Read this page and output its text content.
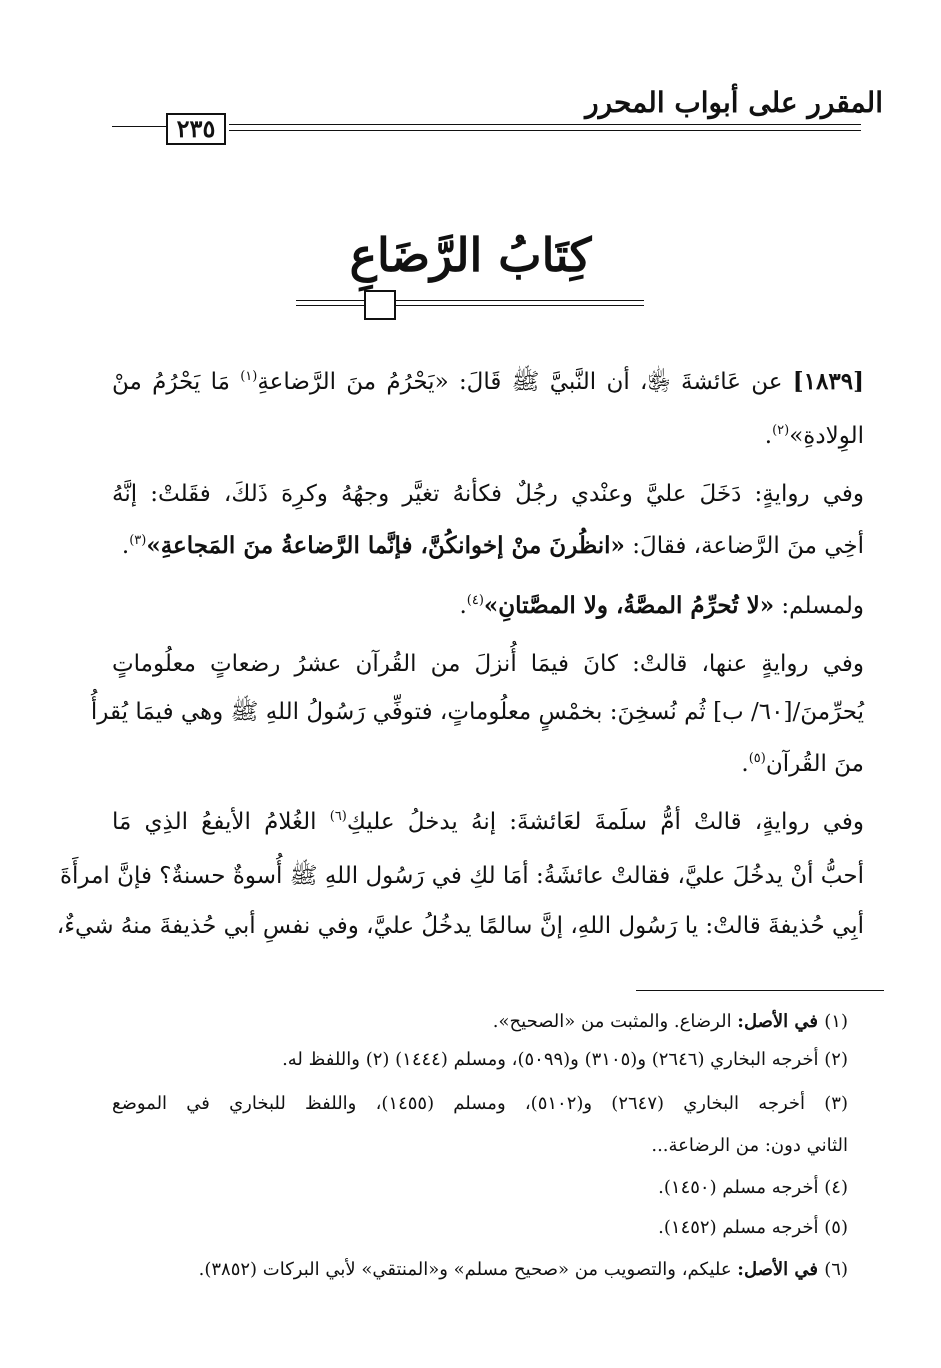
المقرر على أبواب المحرر
٢٣٥
كِتَابُ الرَّضَاعِ
[١٨٣٩] عن عَائشةَ ﵂، أن النَّبيَّ ﷺ قَالَ: «يَحْرُمُ منَ الرَّضاعةِ$^{(١)}$ مَا يَحْرُمُ منْ
الوِلادةِ»$^{(٢)}$.
وفي روايةٍ: دَخَلَ عليَّ وعنْدي رجُلٌ فكأنهُ تغيَّر وجهُهُ وكرِهَ ذَلكَ، فقَلتْ: إنَّهُ
أخِي منَ الرَّضاعة، فقالَ: «انظُرنَ منْ إخوانكُنَّ، فإنَّما الرَّضاعةُ منَ المَجاعةِ»$^{(٣)}$.
ولمسلم: «لا تُحرِّمُ المصَّةُ، ولا المصَّتانِ»$^{(٤)}$.
وفي روايةٍ عنها، قالتْ: كانَ فيمَا أُنزلَ من القُرآن عشرُ رضعاتٍ معلُوماتٍ
يُحرِّمنَ/[٦٠/ ب] ثُم نُسخِنَ: بخمْسٍ معلُوماتٍ، فتوفِّي رَسُولُ اللهِ ﷺ وهي فيمَا يُقرأُ
منَ القُرآن$^{(٥)}$.
وفي روايةٍ، قالتْ أمُّ سلَمةَ لعَائشةَ: إنهُ يدخلُ عليكِ$^{(٦)}$ الغُلامُ الأيفعُ الذِي مَا
أحبُّ أنْ يدخُلَ عليَّ، فقالتْ عائشَةُ: أمَا لكِ في رَسُول اللهِ ﷺ أُسوةٌ حسنةٌ؟ فإنَّ امرأَةَ
أبِي حُذيفةَ قالتْ: يا رَسُول اللهِ، إنَّ سالمًا يدخُلُ عليَّ، وفي نفسِ أبي حُذيفةَ منهُ شيءٌ،
(١) في الأصل: الرضاع. والمثبت من «الصحيح».
(٢) أخرجه البخاري (٢٦٤٦) و(٣١٠٥) و(٥٠٩٩)، ومسلم (١٤٤٤) (٢) واللفظ له.
(٣) أخرجه البخاري (٢٦٤٧) و(٥١٠٢)، ومسلم (١٤٥٥)، واللفظ للبخاري في الموضع
الثاني دون: من الرضاعة...
(٤) أخرجه مسلم (١٤٥٠).
(٥) أخرجه مسلم (١٤٥٢).
(٦) في الأصل: عليكم، والتصويب من «صحيح مسلم» و«المنتقي» لأبي البركات (٣٨٥٢).
